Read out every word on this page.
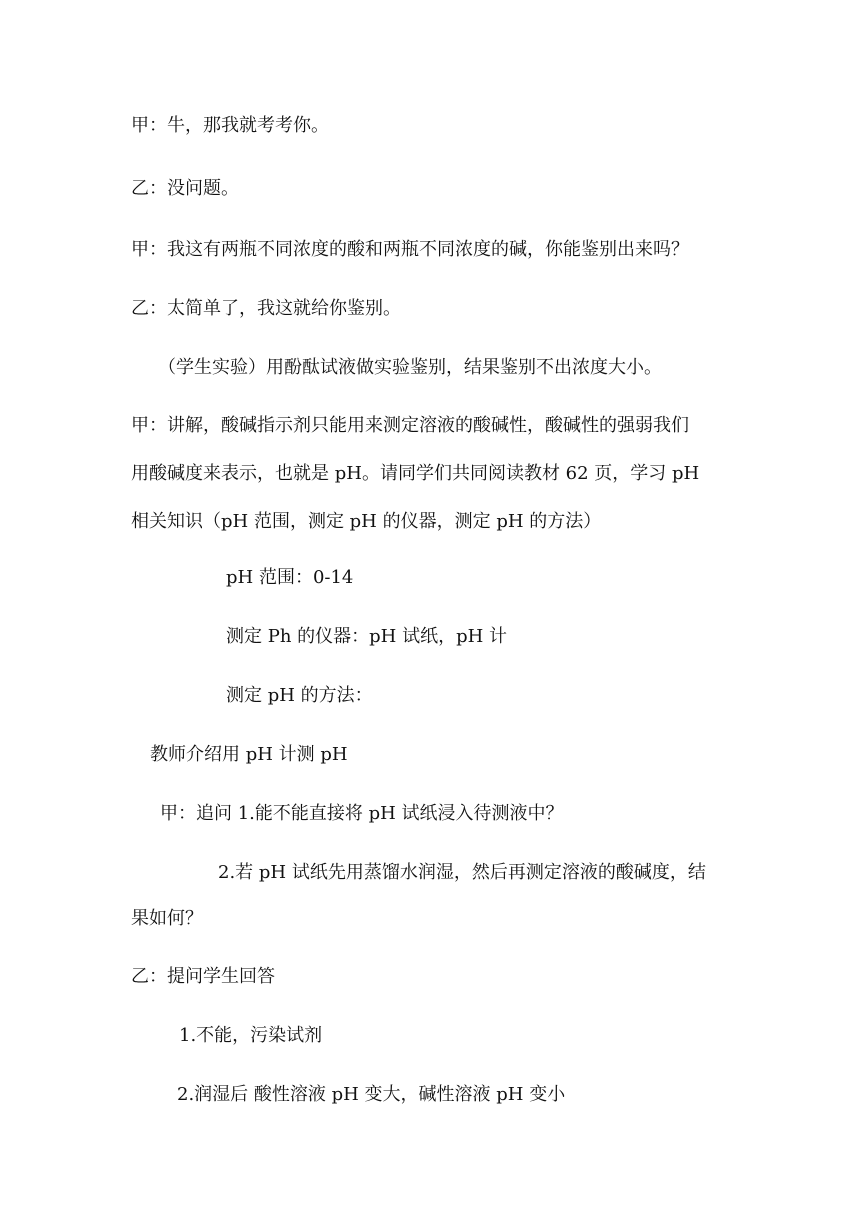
甲：牛，那我就考考你。
乙：没问题。
甲：我这有两瓶不同浓度的酸和两瓶不同浓度的碱，你能鉴别出来吗？
乙：太简单了，我这就给你鉴别。
（学生实验）用酚酞试液做实验鉴别，结果鉴别不出浓度大小。
甲：讲解，酸碱指示剂只能用来测定溶液的酸碱性，酸碱性的强弱我们
用酸碱度来表示，也就是 pH。请同学们共同阅读教材 62 页，学习 pH
相关知识（pH 范围，测定 pH 的仪器，测定 pH 的方法）
pH 范围：0-14
测定 Ph 的仪器：pH 试纸，pH 计
测定 pH 的方法：
教师介绍用 pH 计测 pH
甲：追问 1.能不能直接将 pH 试纸浸入待测液中？
2.若 pH 试纸先用蒸馏水润湿，然后再测定溶液的酸碱度，结
果如何？
乙：提问学生回答
1.不能，污染试剂
2.润湿后 酸性溶液 pH 变大，碱性溶液 pH 变小
